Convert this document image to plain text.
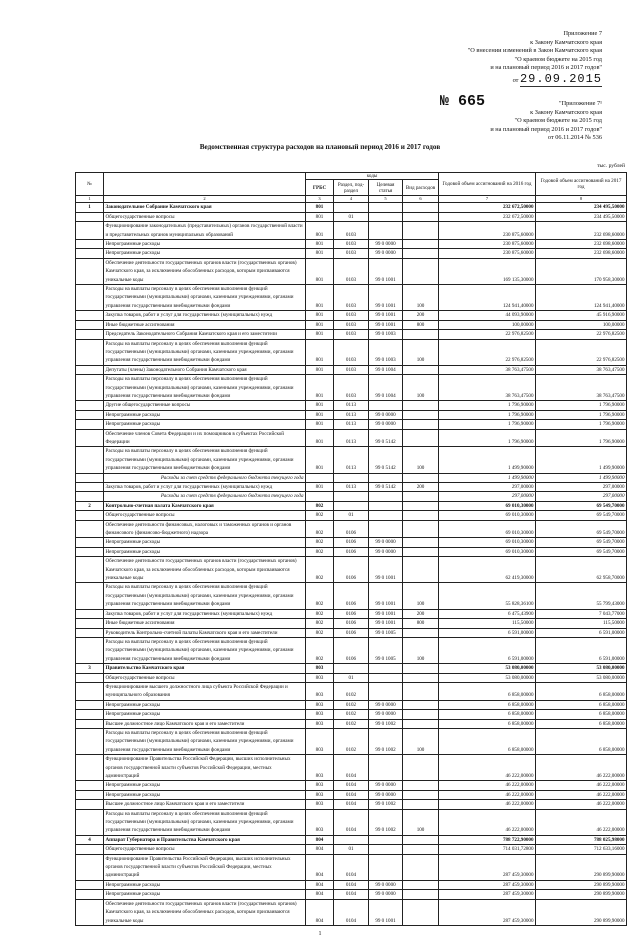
Приложение 7
к Закону Камчатского края
"О внесении изменений в Закон Камчатского края
"О краевом бюджете на 2015 год
и на плановый период 2016 и 2017 годов"
от 29.09.2015
№ 665	"Приложение 7¹
к Закону Камчатского края
"О краевом бюджете на 2015 год
и на плановый период 2016 и 2017 годов"
от 06.11.2014 № 536
Ведомственная структура расходов на плановый период 2016 и 2017 годов
тыс. рублей
№		коды				Годовой объем ассигнований на 2016 год	Годовой объем ассигнований на 2017 год
		ГРБС	Раздел, под-раздел	Целевая статья	Вид расходов		
1	2	3	4	5	6	7	8
1	Законодательное Собрание Камчатского края	801				232 672,50000	234 495,50000
	Общегосударственные вопросы	801	01			232 672,50000	234 495,50000
	Функционирование законодательных (представительных) органов государственной власти и представительных органов муниципальных образований	801	0103			230 875,60000	232 698,60000
	Непрограммные расходы	801	0103	99 0 0000		230 875,60000	232 698,60000
	Непрограммные расходы	801	0103	99 0 0000		230 875,60000	232 698,60000
	Обеспечение деятельности государственных органов власти (государственных органов) Камчатского края, за исключением обособленных расходов, которым присваиваются уникальные коды	801	0103	99 0 1001		169 135,30000	170 958,30000
	Расходы на выплаты персоналу в целях обеспечения выполнения функций государственными (муниципальными) органами, казенными учреждениями, органами управления государственными внебюджетными фондами	801	0103	99 0 1001	100	124 941,40000	124 941,40000
	Закупка товаров, работ и услуг для государственных (муниципальных) нужд	801	0103	99 0 1001	200	44 093,90000	45 916,90000
	Иные бюджетные ассигнования	801	0103	99 0 1001	800	100,00000	100,00000
	Председатель Законодательного Собрания Камчатского края и его заместители	801	0103	99 0 1003		22 976,82500	22 976,82500
	Расходы на выплаты персоналу в целях обеспечения выполнения функций государственными (муниципальными) органами, казенными учреждениями, органами управления государственными внебюджетными фондами	801	0103	99 0 1003	100	22 976,82500	22 976,82500
	Депутаты (члены) Законодательного Собрания Камчатского края	801	0103	99 0 1004		38 763,47500	38 763,47500
	Расходы на выплаты персоналу в целях обеспечения выполнения функций государственными (муниципальными) органами, казенными учреждениями, органами управления государственными внебюджетными фондами	801	0103	99 0 1004	100	38 763,47500	38 763,47500
	Другие общегосударственные вопросы	801	0113			1 796,90000	1 796,90000
	Непрограммные расходы	801	0113	99 0 0000		1 796,90000	1 796,90000
	Непрограммные расходы	801	0113	99 0 0000		1 796,90000	1 796,90000
	Обеспечение членов Совета Федерации и их помощников в субъектах Российской Федерации	801	0113	99 0 5142		1 796,90000	1 796,90000
	Расходы на выплаты персоналу в целях обеспечения выполнения функций государственными (муниципальными) органами, казенными учреждениями, органами управления государственными внебюджетными фондами	801	0113	99 0 5142	100	1 499,90000	1 499,90000
	Расходы за счет средств федерального бюджета текущего года					1 499,90000	1 499,90000
	Закупка товаров, работ и услуг для государственных (муниципальных) нужд	801	0113	99 0 5142	200	297,00000	297,00000
	Расходы за счет средств федерального бюджета текущего года					297,00000	297,00000
2	Контрольно-счетная палата Камчатского края	802				69 010,30000	69 549,70000
	Общегосударственные вопросы	802	01			69 010,30000	69 549,70000
	Обеспечение деятельности финансовых, налоговых и таможенных органов и органов финансового (финансово-бюджетного) надзора	802	0106			69 010,30000	69 549,70000
	Непрограммные расходы	802	0106	99 0 0000		69 010,30000	69 549,70000
	Непрограммные расходы	802	0106	99 0 0000		69 010,30000	69 549,70000
	Обеспечение деятельности государственных органов власти (государственных органов) Камчатского края, за исключением обособленных расходов, которым присваиваются уникальные коды	802	0106	99 0 1001		62 419,30000	62 958,70000
	Расходы на выплаты персоналу в целях обеспечения выполнения функций государственными (муниципальными) органами, казенными учреждениями, органами управления государственными внебюджетными фондами	802	0106	99 0 1001	100	55 828,36100	55 799,43000
	Закупка товаров, работ и услуг для государственных (муниципальных) нужд	802	0106	99 0 1001	200	6 475,43900	7 043,77000
	Иные бюджетные ассигнования	802	0106	99 0 1001	800	115,50000	115,50000
	Руководитель Контрольно-счетной палаты Камчатского края и его заместители	802	0106	99 0 1005		6 591,00000	6 591,00000
	Расходы на выплаты персоналу в целях обеспечения выполнения функций государственными (муниципальными) органами, казенными учреждениями, органами управления государственными внебюджетными фондами	802	0106	99 0 1005	100	6 591,00000	6 591,00000
3	Правительство Камчатского края	803				53 080,00000	53 080,00000
	Общегосударственные вопросы	803	01			53 080,00000	53 080,00000
	Функционирование высшего должностного лица субъекта Российской Федерации и муниципального образования	803	0102			6 858,00000	6 858,00000
	Непрограммные расходы	803	0102	99 0 0000		6 858,00000	6 858,00000
	Непрограммные расходы	803	0102	99 0 0000		6 858,00000	6 858,00000
	Высшее должностное лицо Камчатского края и его заместители	803	0102	99 0 1002		6 858,00000	6 858,00000
	Расходы на выплаты персоналу в целях обеспечения выполнения функций государственными (муниципальными) органами, казенными учреждениями, органами управления государственными внебюджетными фондами	803	0102	99 0 1002	100	6 858,00000	6 858,00000
	Функционирование Правительства Российской Федерации, высших исполнительных органов государственной власти субъектов Российской Федерации, местных администраций	803	0104			46 222,00000	46 222,00000
	Непрограммные расходы	803	0104	99 0 0000		46 222,00000	46 222,00000
	Непрограммные расходы	803	0104	99 0 0000		46 222,00000	46 222,00000
	Высшее должностное лицо Камчатского края и его заместители	803	0104	99 0 1002		46 222,00000	46 222,00000
	Расходы на выплаты персоналу в целях обеспечения выполнения функций государственными (муниципальными) органами, казенными учреждениями, органами управления государственными внебюджетными фондами	803	0104	99 0 1002	100	46 222,00000	46 222,00000
4	Аппарат Губернатора и Правительства Камчатского края	804				788 722,90000	788 025,98000
	Общегосударственные вопросы	804	01			714 031,72800	712 633,16000
	Функционирование Правительства Российской Федерации, высших исполнительных органов государственной власти субъектов Российской Федерации, местных администраций	804	0104			287 459,30000	290 899,90000
	Непрограммные расходы	804	0104	99 0 0000		287 459,30000	290 899,90000
	Непрограммные расходы	804	0104	99 0 0000		287 459,30000	290 899,90000
	Обеспечение деятельности государственных органов власти (государственных органов) Камчатского края, за исключением обособленных расходов, которым присваиваются уникальные коды	804	0104	99 0 1001		287 459,30000	290 899,90000
1
